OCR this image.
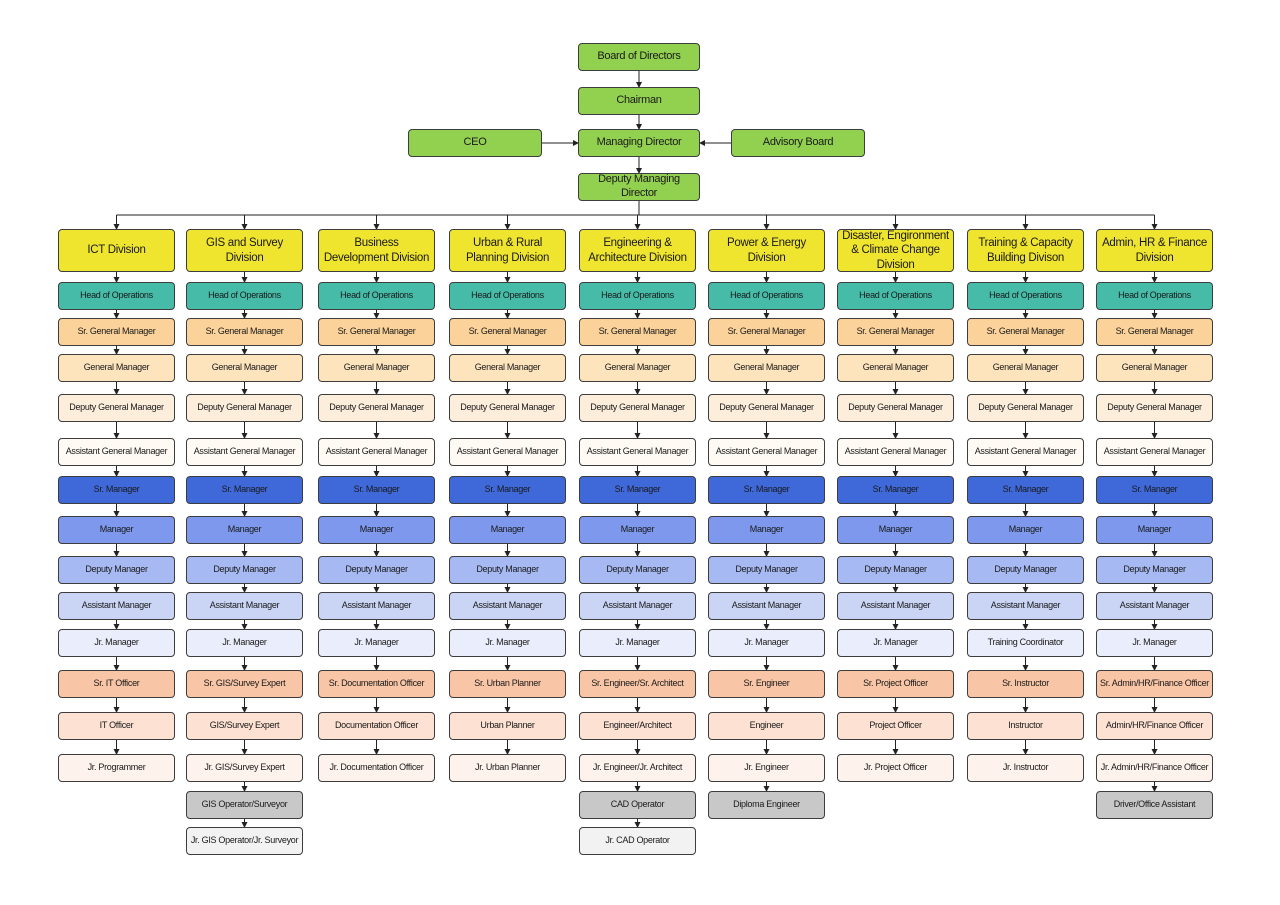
Board of Directors
Chairman
CEO	Managing Director	Advisory Board
Deputy Managing Director
ICT Division
Head of Operations
Sr. General Manager
General Manager
Deputy General Manager
Assistant General Manager
Sr. Manager
Manager
Deputy Manager
Assistant Manager
Jr. Manager
Sr. IT Officer
IT Officer
Jr. Programmer
GIS and Survey Division
Head of Operations
Sr. General Manager
General Manager
Deputy General Manager
Assistant General Manager
Sr. Manager
Manager
Deputy Manager
Assistant Manager
Jr. Manager
Sr. GIS/Survey Expert
GIS/Survey Expert
Jr. GIS/Survey Expert
GIS Operator/Surveyor
Jr. GIS Operator/Jr. Surveyor
Business Development Division
Head of Operations
Sr. General Manager
General Manager
Deputy General Manager
Assistant General Manager
Sr. Manager
Manager
Deputy Manager
Assistant Manager
Jr. Manager
Sr. Documentation Officer
Documentation Officer
Jr. Documentation Officer
Urban & Rural Planning Division
Head of Operations
Sr. General Manager
General Manager
Deputy General Manager
Assistant General Manager
Sr. Manager
Manager
Deputy Manager
Assistant Manager
Jr. Manager
Sr. Urban Planner
Urban Planner
Jr. Urban Planner
Engineering & Architecture Division
Head of Operations
Sr. General Manager
General Manager
Deputy General Manager
Assistant General Manager
Sr. Manager
Manager
Deputy Manager
Assistant Manager
Jr. Manager
Sr. Engineer/Sr. Architect
Engineer/Architect
Jr. Engineer/Jr. Architect
CAD Operator
Jr. CAD Operator
Power & Energy Division
Head of Operations
Sr. General Manager
General Manager
Deputy General Manager
Assistant General Manager
Sr. Manager
Manager
Deputy Manager
Assistant Manager
Jr. Manager
Sr. Engineer
Engineer
Jr. Engineer
Diploma Engineer
Disaster, Engironment & Climate Change Division
Head of Operations
Sr. General Manager
General Manager
Deputy General Manager
Assistant General Manager
Sr. Manager
Manager
Deputy Manager
Assistant Manager
Jr. Manager
Sr. Project Officer
Project Officer
Jr. Project Officer
Training & Capacity Building Divison
Head of Operations
Sr. General Manager
General Manager
Deputy General Manager
Assistant General Manager
Sr. Manager
Manager
Deputy Manager
Assistant Manager
Training Coordinator
Sr. Instructor
Instructor
Jr. Instructor
Admin, HR & Finance Division
Head of Operations
Sr. General Manager
General Manager
Deputy General Manager
Assistant General Manager
Sr. Manager
Manager
Deputy Manager
Assistant Manager
Jr. Manager
Sr. Admin/HR/Finance Officer
Admin/HR/Finance Officer
Jr. Admin/HR/Finance Officer
Driver/Office Assistant
